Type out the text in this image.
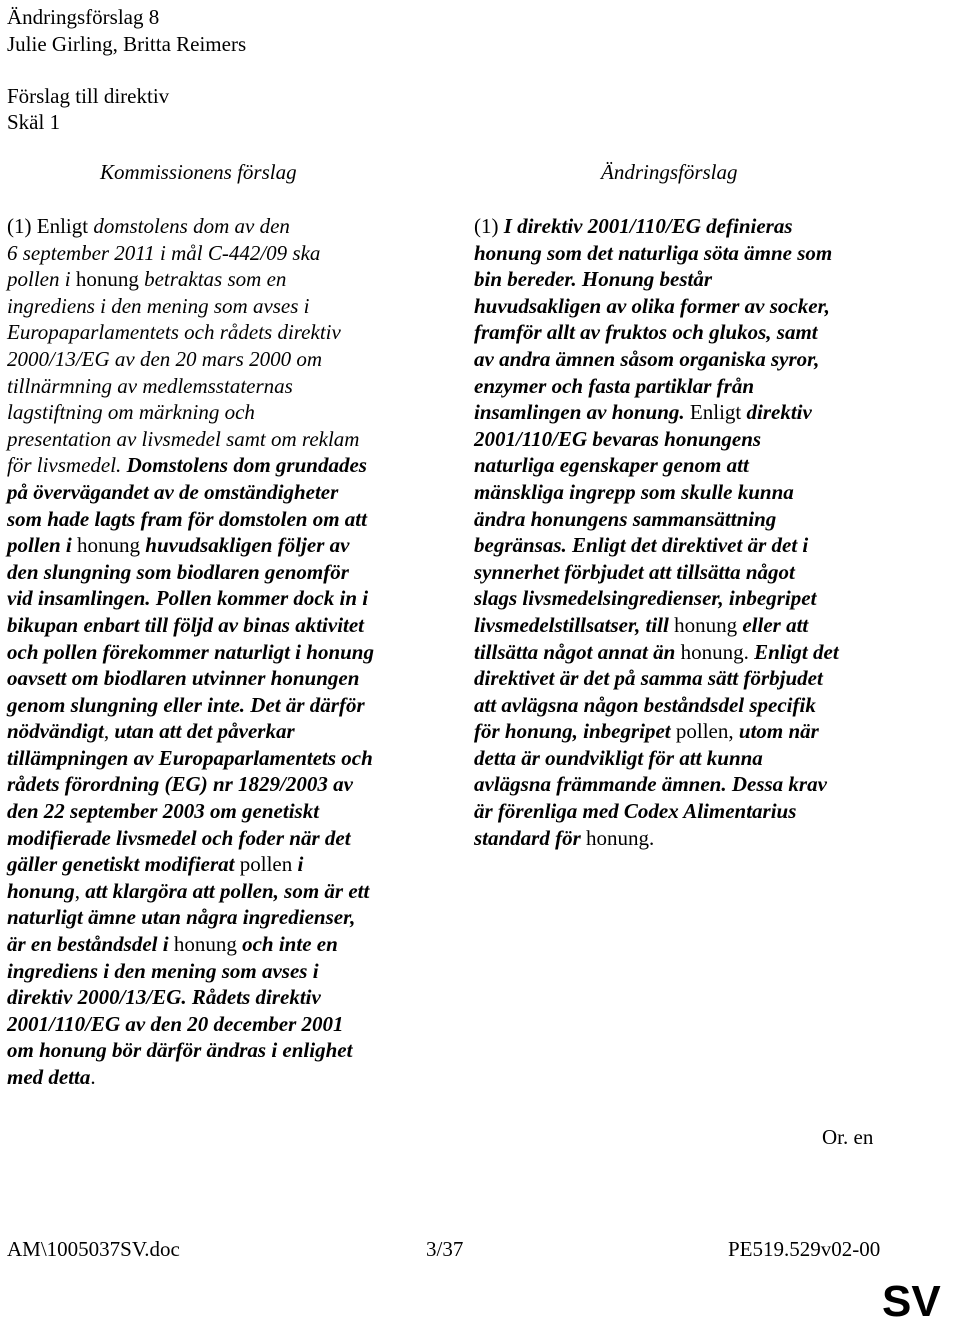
Ändringsförslag 8
Julie Girling, Britta Reimers
Förslag till direktiv
Skäl 1
Kommissionens förslag	Ändringsförslag
(1) Enligt domstolens dom av den
6 september 2011 i mål C-442/09 ska
pollen i honung betraktas som en
ingrediens i den mening som avses i
Europaparlamentets och rådets direktiv
2000/13/EG av den 20 mars 2000 om
tillnärmning av medlemsstaternas
lagstiftning om märkning och
presentation av livsmedel samt om reklam
för livsmedel. Domstolens dom grundades
på övervägandet av de omständigheter
som hade lagts fram för domstolen om att
pollen i honung huvudsakligen följer av
den slungning som biodlaren genomför
vid insamlingen. Pollen kommer dock in i
bikupan enbart till följd av binas aktivitet
och pollen förekommer naturligt i honung
oavsett om biodlaren utvinner honungen
genom slungning eller inte. Det är därför
nödvändigt, utan att det påverkar
tillämpningen av Europaparlamentets och
rådets förordning (EG) nr 1829/2003 av
den 22 september 2003 om genetiskt
modifierade livsmedel och foder när det
gäller genetiskt modifierat pollen i
honung, att klargöra att pollen, som är ett
naturligt ämne utan några ingredienser,
är en beståndsdel i honung och inte en
ingrediens i den mening som avses i
direktiv 2000/13/EG. Rådets direktiv
2001/110/EG av den 20 december 2001
om honung bör därför ändras i enlighet
med detta.
(1) I direktiv 2001/110/EG definieras
honung som det naturliga söta ämne som
bin bereder. Honung består
huvudsakligen av olika former av socker,
framför allt av fruktos och glukos, samt
av andra ämnen såsom organiska syror,
enzymer och fasta partiklar från
insamlingen av honung. Enligt direktiv
2001/110/EG bevaras honungens
naturliga egenskaper genom att
mänskliga ingrepp som skulle kunna
ändra honungens sammansättning
begränsas. Enligt det direktivet är det i
synnerhet förbjudet att tillsätta något
slags livsmedelsingredienser, inbegripet
livsmedelstillsatser, till honung eller att
tillsätta något annat än honung. Enligt det
direktivet är det på samma sätt förbjudet
att avlägsna någon beståndsdel specifik
för honung, inbegripet pollen, utom när
detta är oundvikligt för att kunna
avlägsna främmande ämnen. Dessa krav
är förenliga med Codex Alimentarius
standard för honung.
Or. en
AM\1005037SV.doc	3/37	PE519.529v02-00
SV
